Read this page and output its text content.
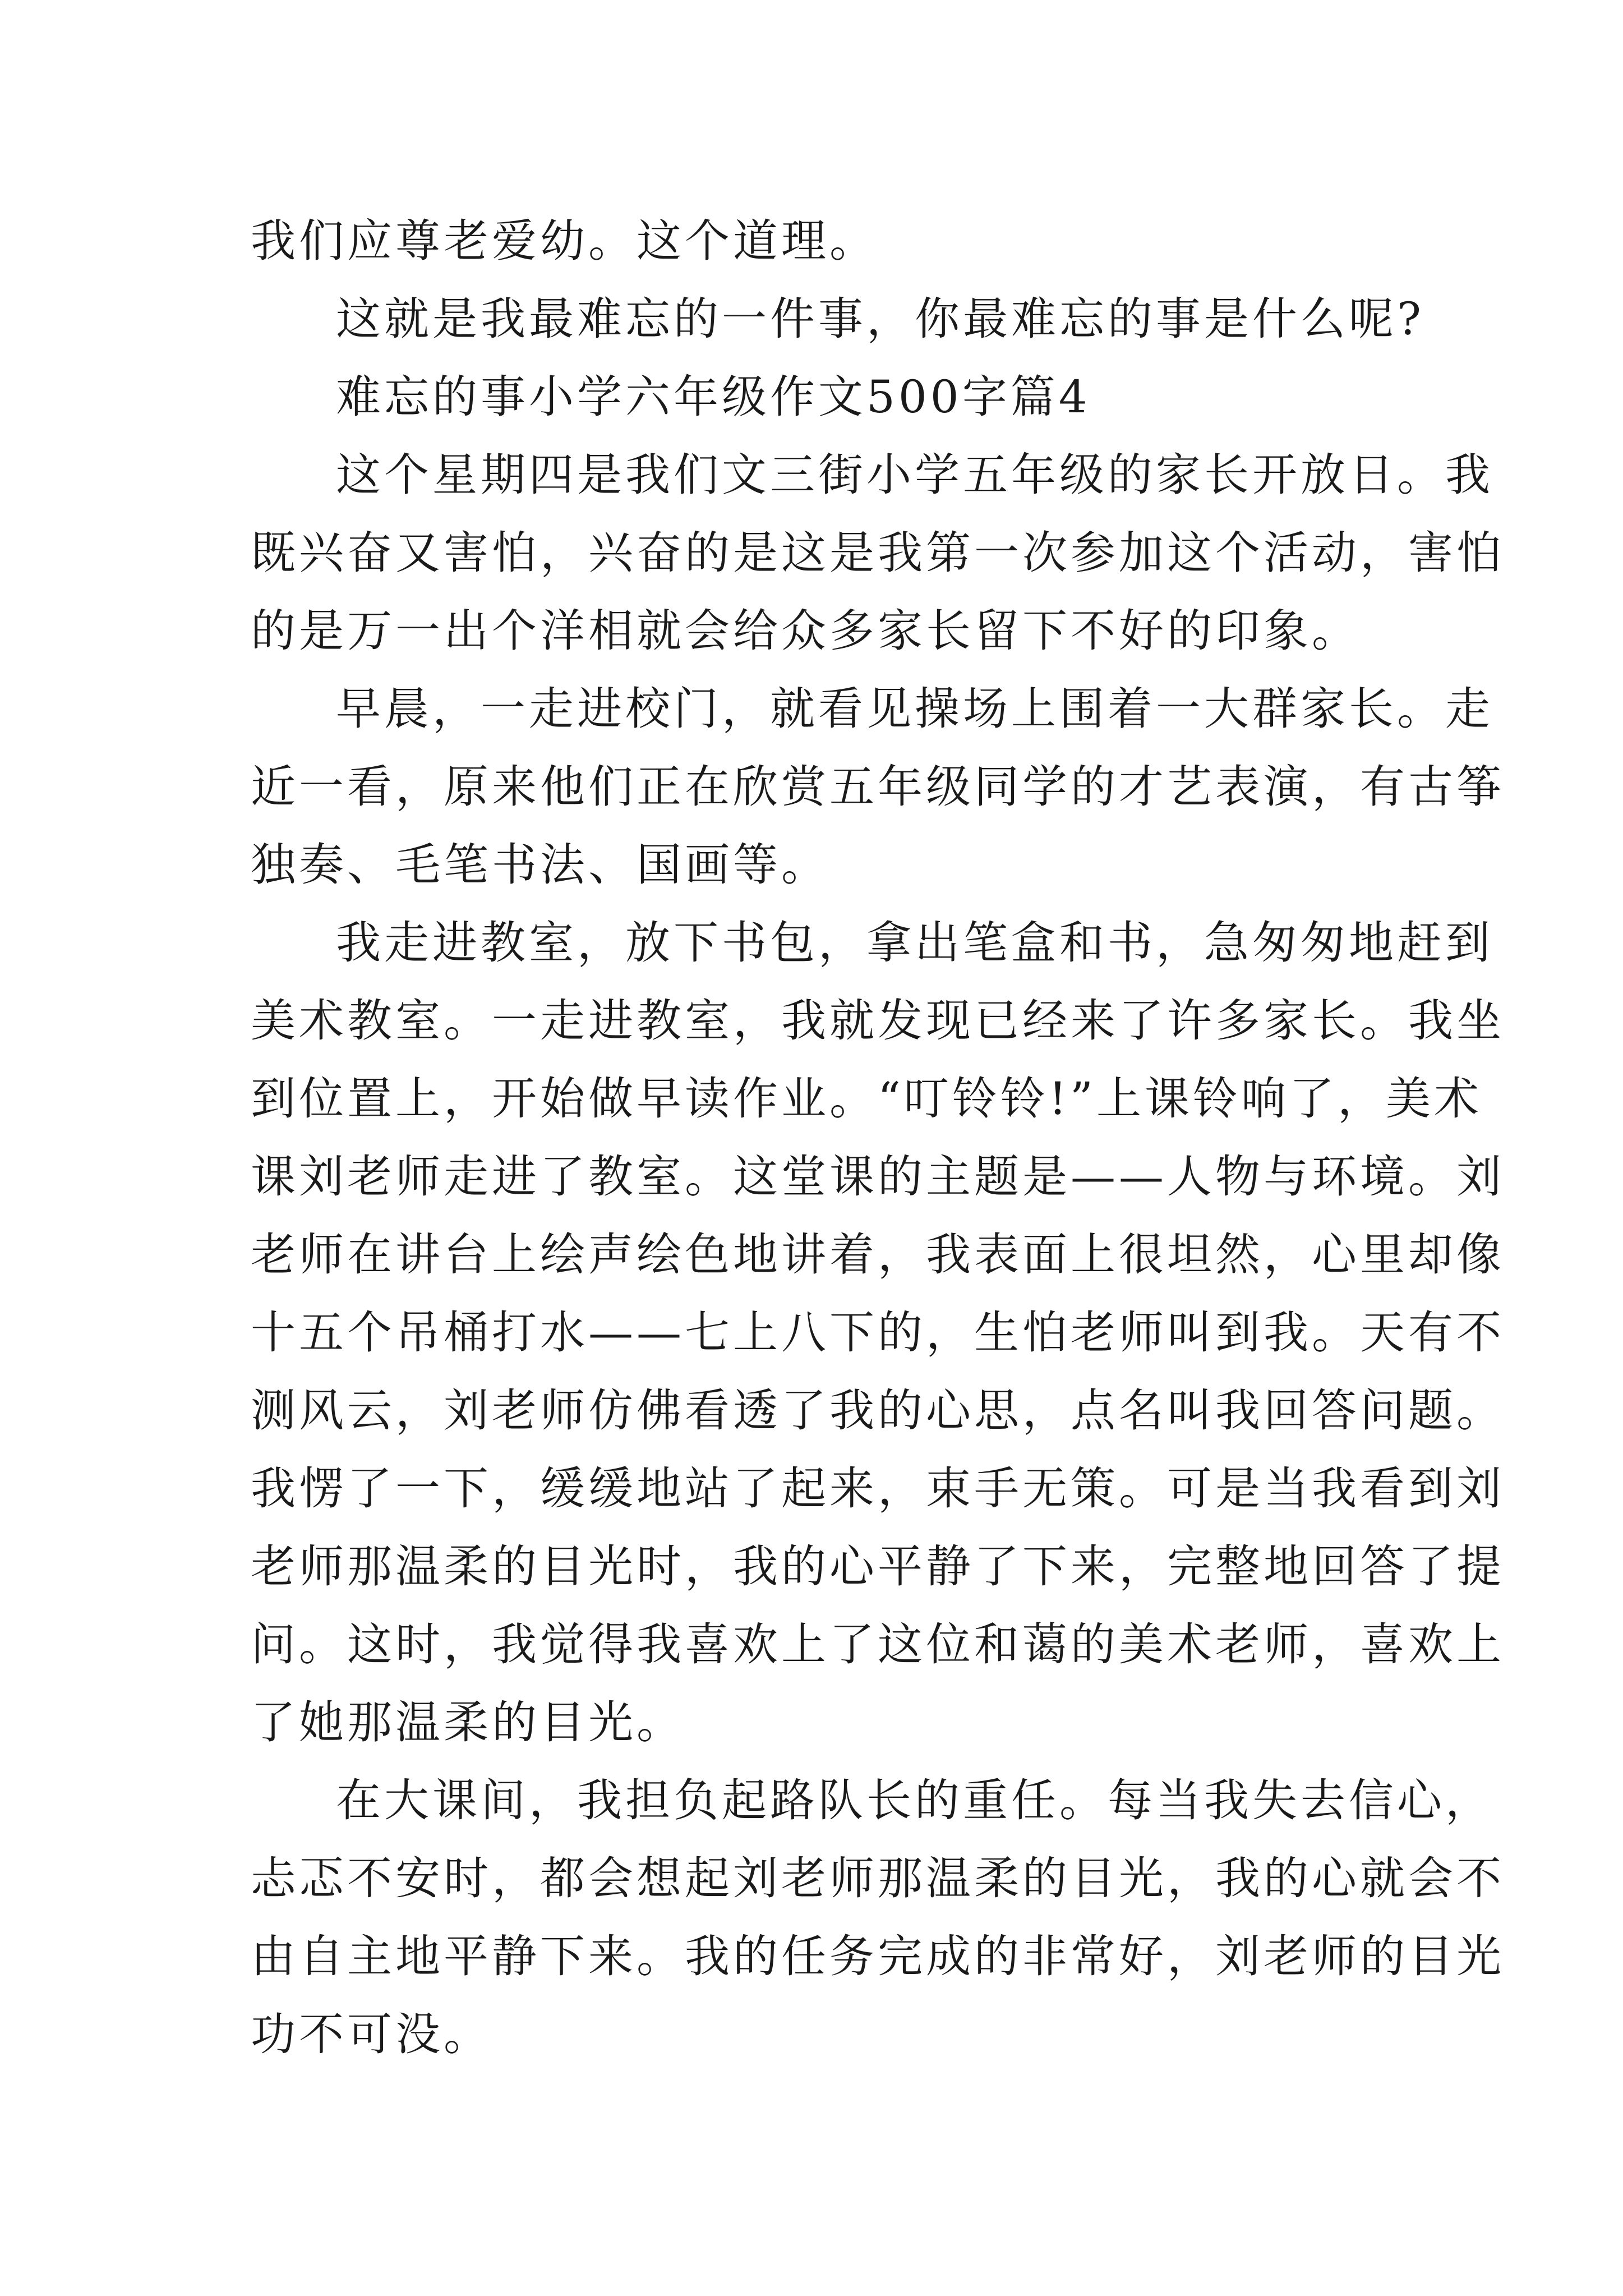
我们应尊老爱幼。这个道理。
这就是我最难忘的一件事，你最难忘的事是什么呢?
难忘的事小学六年级作文500字篇4
这个星期四是我们文三街小学五年级的家长开放日。我
既兴奋又害怕，兴奋的是这是我第一次参加这个活动，害怕
的是万一出个洋相就会给众多家长留下不好的印象。
早晨，一走进校门，就看见操场上围着一大群家长。走
近一看，原来他们正在欣赏五年级同学的才艺表演，有古筝
独奏、毛笔书法、国画等。
我走进教室，放下书包，拿出笔盒和书，急匆匆地赶到
美术教室。一走进教室，我就发现已经来了许多家长。我坐
到位置上，开始做早读作业。“叮铃铃!”上课铃响了，美术
课刘老师走进了教室。这堂课的主题是——人物与环境。刘
老师在讲台上绘声绘色地讲着，我表面上很坦然，心里却像
十五个吊桶打水——七上八下的，生怕老师叫到我。天有不
测风云，刘老师仿佛看透了我的心思，点名叫我回答问题。
我愣了一下，缓缓地站了起来，束手无策。可是当我看到刘
老师那温柔的目光时，我的心平静了下来，完整地回答了提
问。这时，我觉得我喜欢上了这位和蔼的美术老师，喜欢上
了她那温柔的目光。
在大课间，我担负起路队长的重任。每当我失去信心，
忐忑不安时，都会想起刘老师那温柔的目光，我的心就会不
由自主地平静下来。我的任务完成的非常好，刘老师的目光
功不可没。
